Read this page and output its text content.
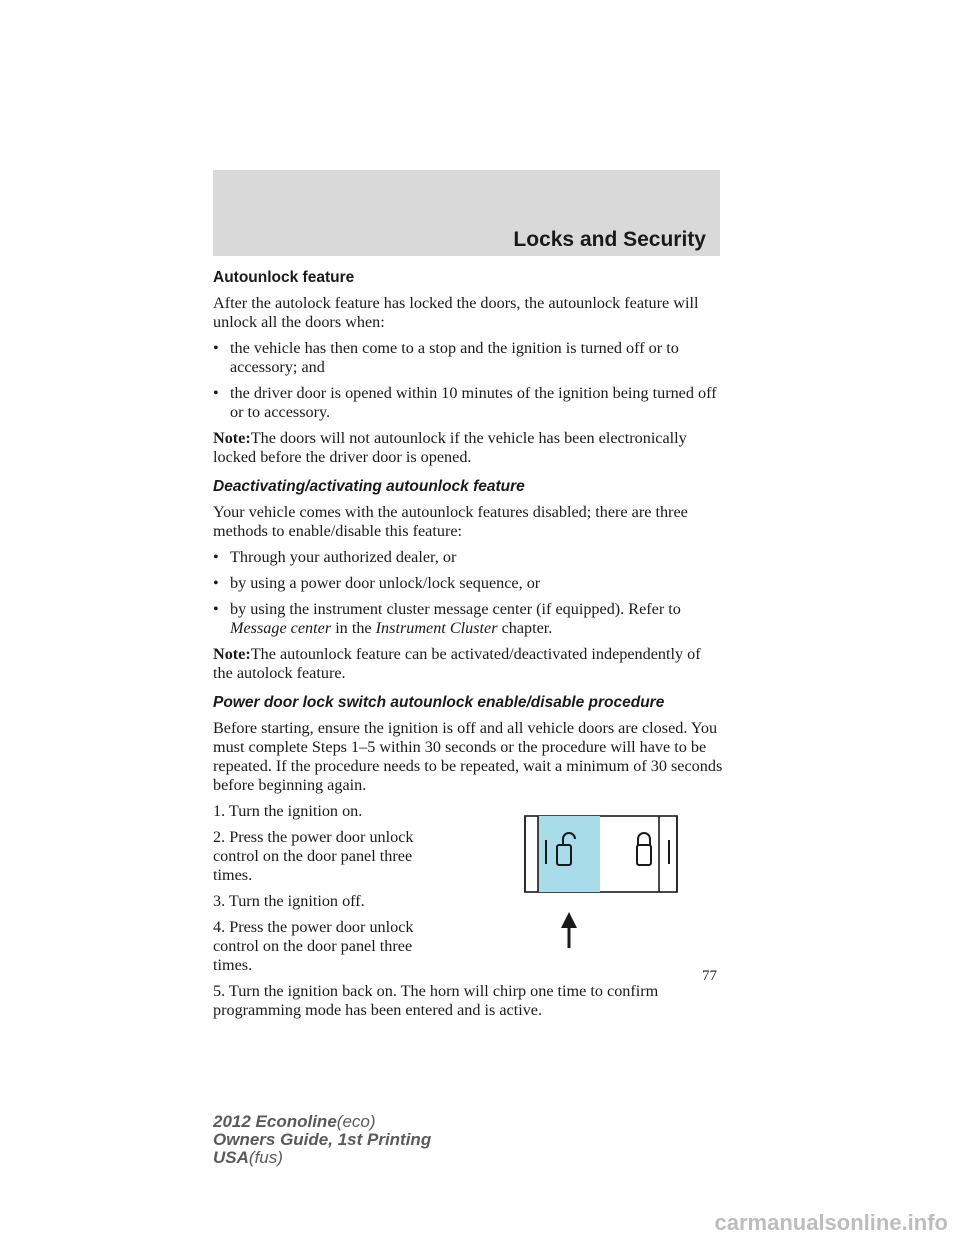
Locks and Security
Autounlock feature

After the autolock feature has locked the doors, the autounlock feature will unlock all the doors when:

• the vehicle has then come to a stop and the ignition is turned off or to accessory; and
• the driver door is opened within 10 minutes of the ignition being turned off or to accessory.

Note:The doors will not autounlock if the vehicle has been electronically locked before the driver door is opened.

Deactivating/activating autounlock feature

Your vehicle comes with the autounlock features disabled; there are three methods to enable/disable this feature:

• Through your authorized dealer, or
• by using a power door unlock/lock sequence, or
• by using the instrument cluster message center (if equipped). Refer to Message center in the Instrument Cluster chapter.

Note:The autounlock feature can be activated/deactivated independently of the autolock feature.

Power door lock switch autounlock enable/disable procedure

Before starting, ensure the ignition is off and all vehicle doors are closed. You must complete Steps 1–5 within 30 seconds or the procedure will have to be repeated. If the procedure needs to be repeated, wait a minimum of 30 seconds before beginning again.

1. Turn the ignition on.

2. Press the power door unlock control on the door panel three times.

3. Turn the ignition off.

4. Press the power door unlock control on the door panel three times.

5. Turn the ignition back on. The horn will chirp one time to confirm programming mode has been entered and is active.

77
2012 Econoline(eco)
Owners Guide, 1st Printing
USA(fus)
carmanualsonline.info
